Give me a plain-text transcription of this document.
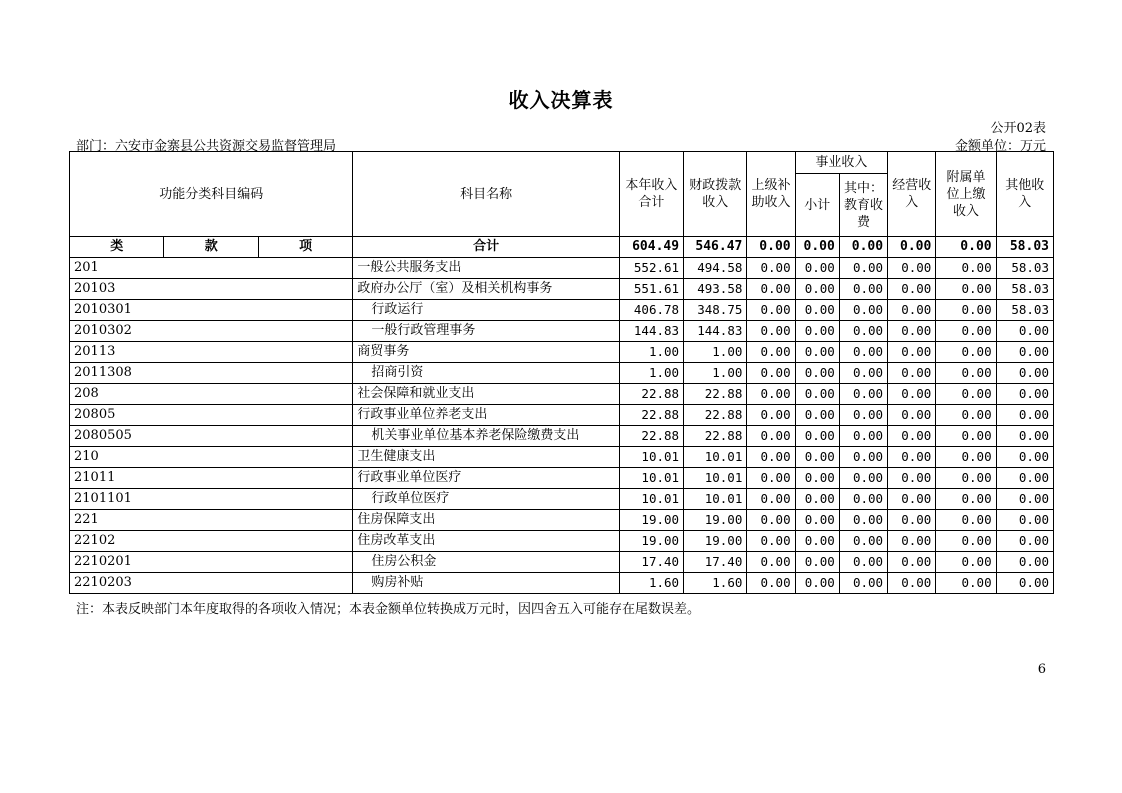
收入决算表
公开02表
部门：六安市金寨县公共资源交易监督管理局	金额单位：万元
功能分类科目编码			科目名称	本年收入合计	财政拨款收入	上级补助收入	事业收入		经营收入	附属单位上缴收入	其他收入
							小计	其中：教育收费			
类	款	项	合计	604.49	546.47	0.00	0.00	0.00	0.00	0.00	58.03
201			一般公共服务支出	552.61	494.58	0.00	0.00	0.00	0.00	0.00	58.03
20103			政府办公厅（室）及相关机构事务	551.61	493.58	0.00	0.00	0.00	0.00	0.00	58.03
2010301			行政运行	406.78	348.75	0.00	0.00	0.00	0.00	0.00	58.03
2010302			一般行政管理事务	144.83	144.83	0.00	0.00	0.00	0.00	0.00	0.00
20113			商贸事务	1.00	1.00	0.00	0.00	0.00	0.00	0.00	0.00
2011308			招商引资	1.00	1.00	0.00	0.00	0.00	0.00	0.00	0.00
208			社会保障和就业支出	22.88	22.88	0.00	0.00	0.00	0.00	0.00	0.00
20805			行政事业单位养老支出	22.88	22.88	0.00	0.00	0.00	0.00	0.00	0.00
2080505			机关事业单位基本养老保险缴费支出	22.88	22.88	0.00	0.00	0.00	0.00	0.00	0.00
210			卫生健康支出	10.01	10.01	0.00	0.00	0.00	0.00	0.00	0.00
21011			行政事业单位医疗	10.01	10.01	0.00	0.00	0.00	0.00	0.00	0.00
2101101			行政单位医疗	10.01	10.01	0.00	0.00	0.00	0.00	0.00	0.00
221			住房保障支出	19.00	19.00	0.00	0.00	0.00	0.00	0.00	0.00
22102			住房改革支出	19.00	19.00	0.00	0.00	0.00	0.00	0.00	0.00
2210201			住房公积金	17.40	17.40	0.00	0.00	0.00	0.00	0.00	0.00
2210203			购房补贴	1.60	1.60	0.00	0.00	0.00	0.00	0.00	0.00
注：本表反映部门本年度取得的各项收入情况；本表金额单位转换成万元时，因四舍五入可能存在尾数误差。
6
